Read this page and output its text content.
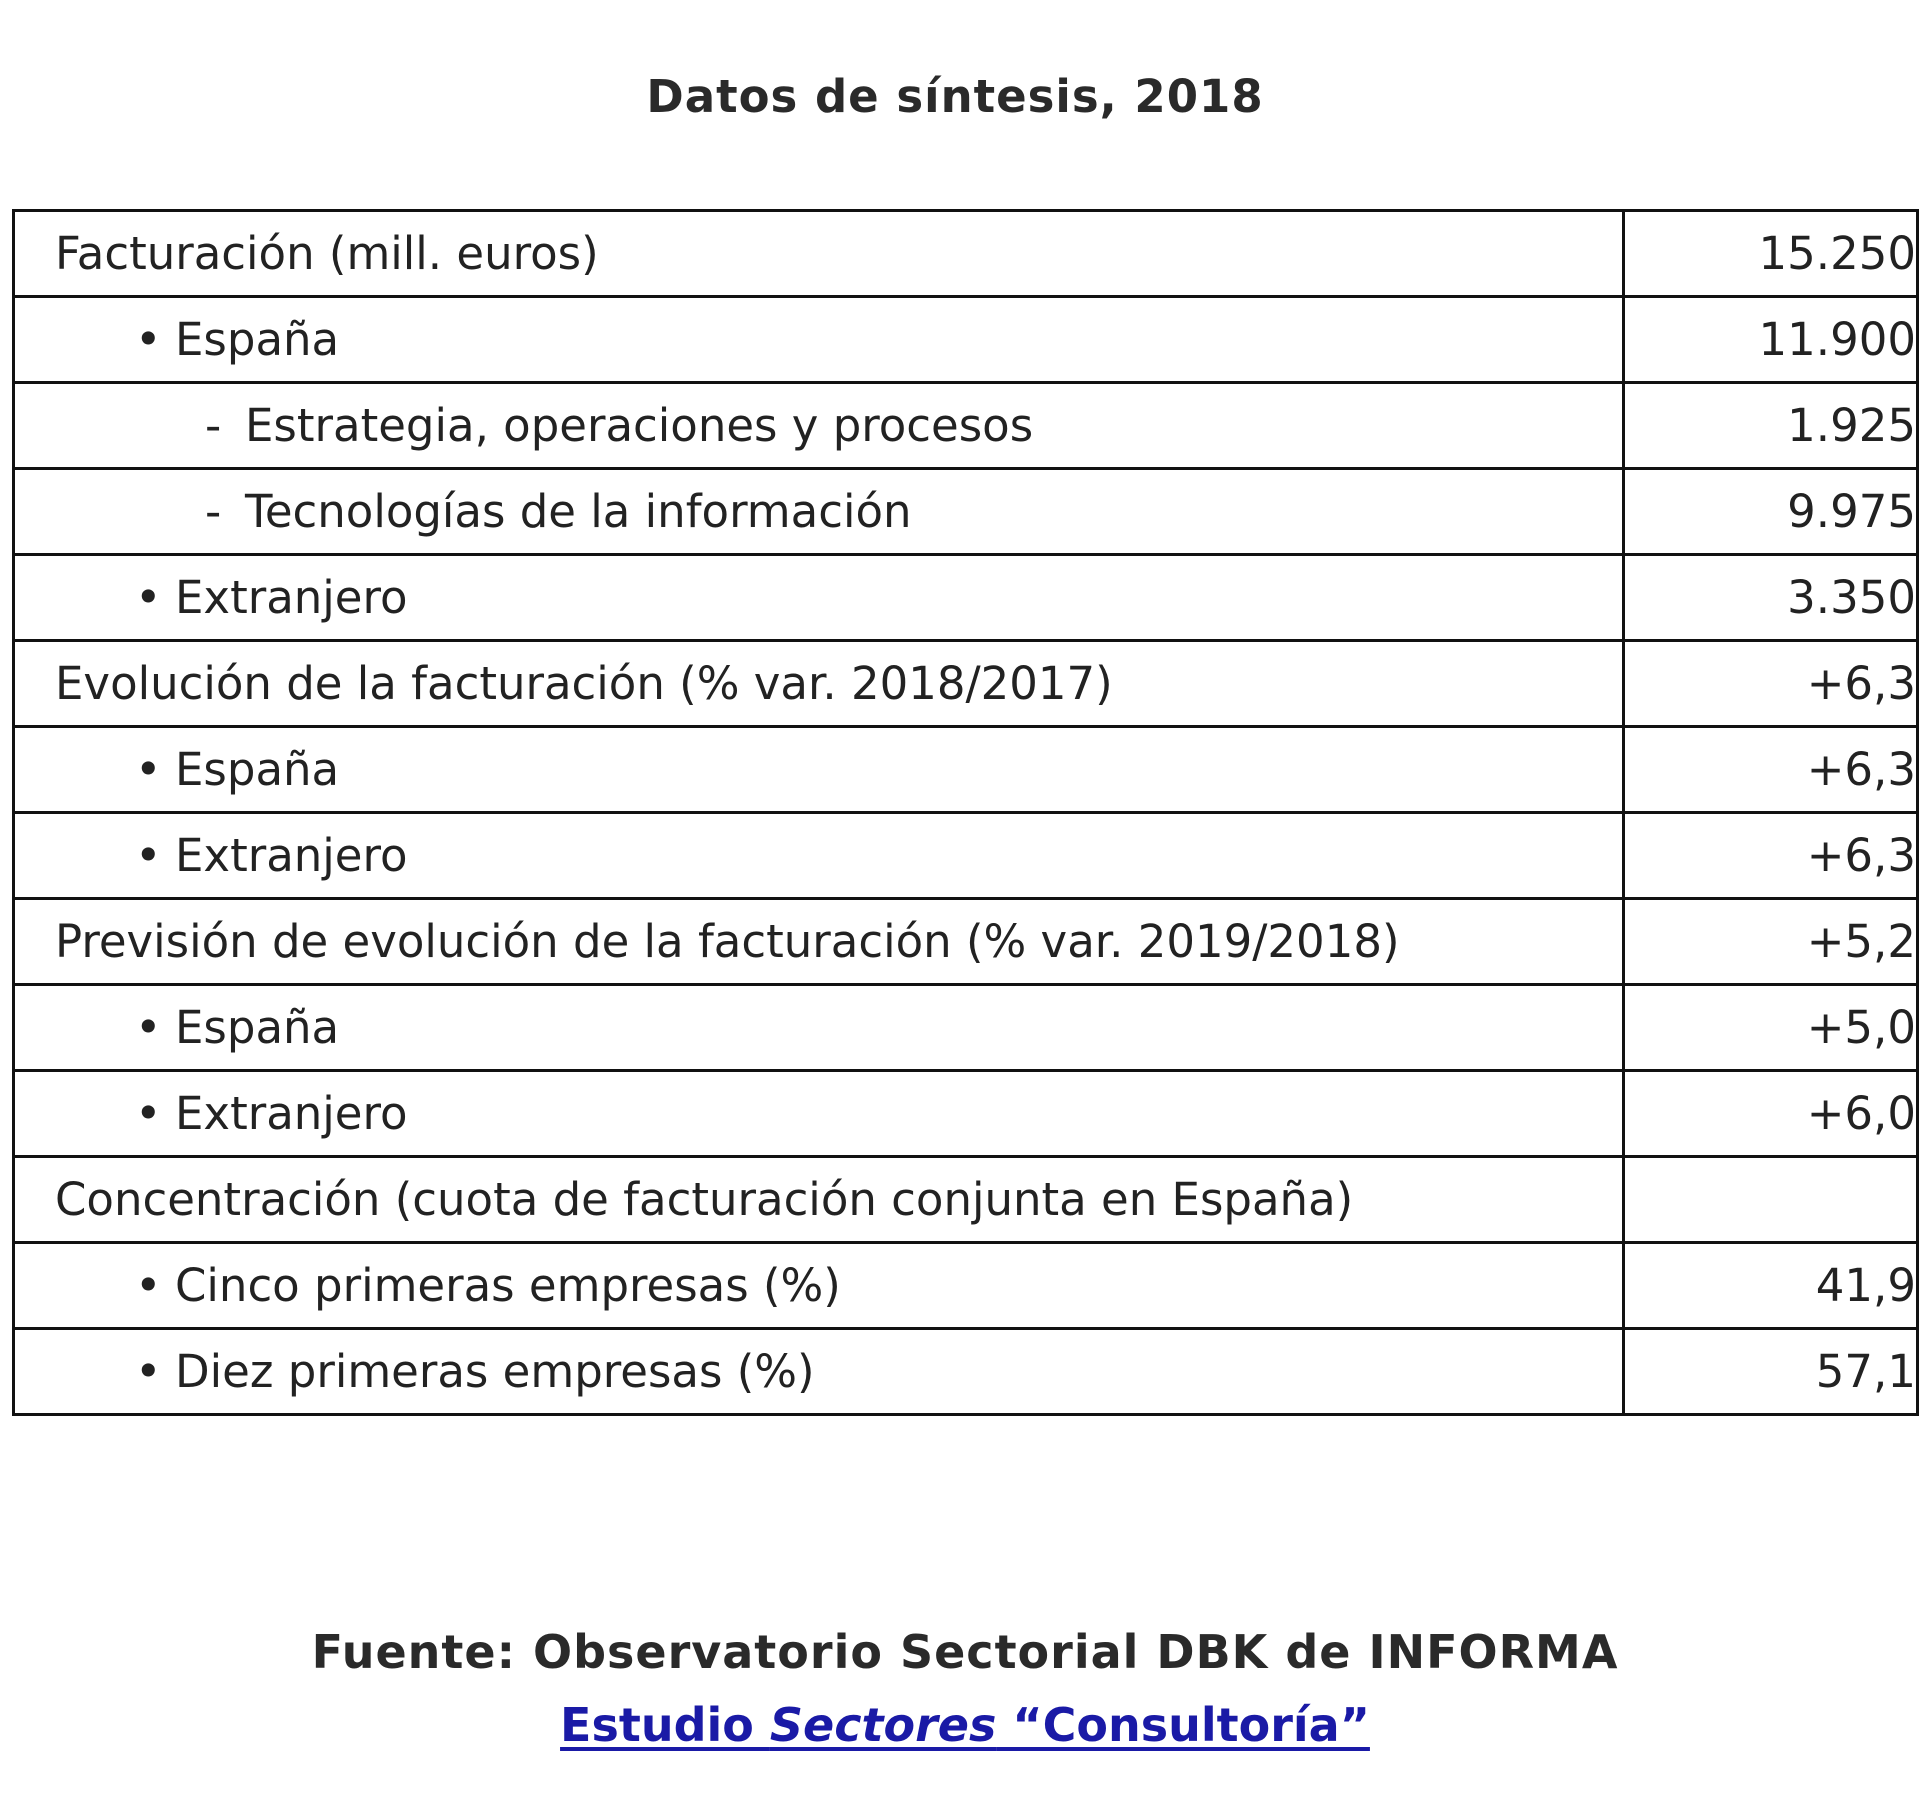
Datos de síntesis, 2018
Facturación (mill. euros)	15.250
• España	11.900
- Estrategia, operaciones y procesos	1.925
- Tecnologías de la información	9.975
• Extranjero	3.350
Evolución de la facturación (% var. 2018/2017)	+6,3
• España	+6,3
• Extranjero	+6,3
Previsión de evolución de la facturación (% var. 2019/2018)	+5,2
• España	+5,0
• Extranjero	+6,0
Concentración (cuota de facturación conjunta en España)	
• Cinco primeras empresas (%)	41,9
• Diez primeras empresas (%)	57,1
Fuente: Observatorio Sectorial DBK de INFORMA
Estudio Sectores “Consultoría”
